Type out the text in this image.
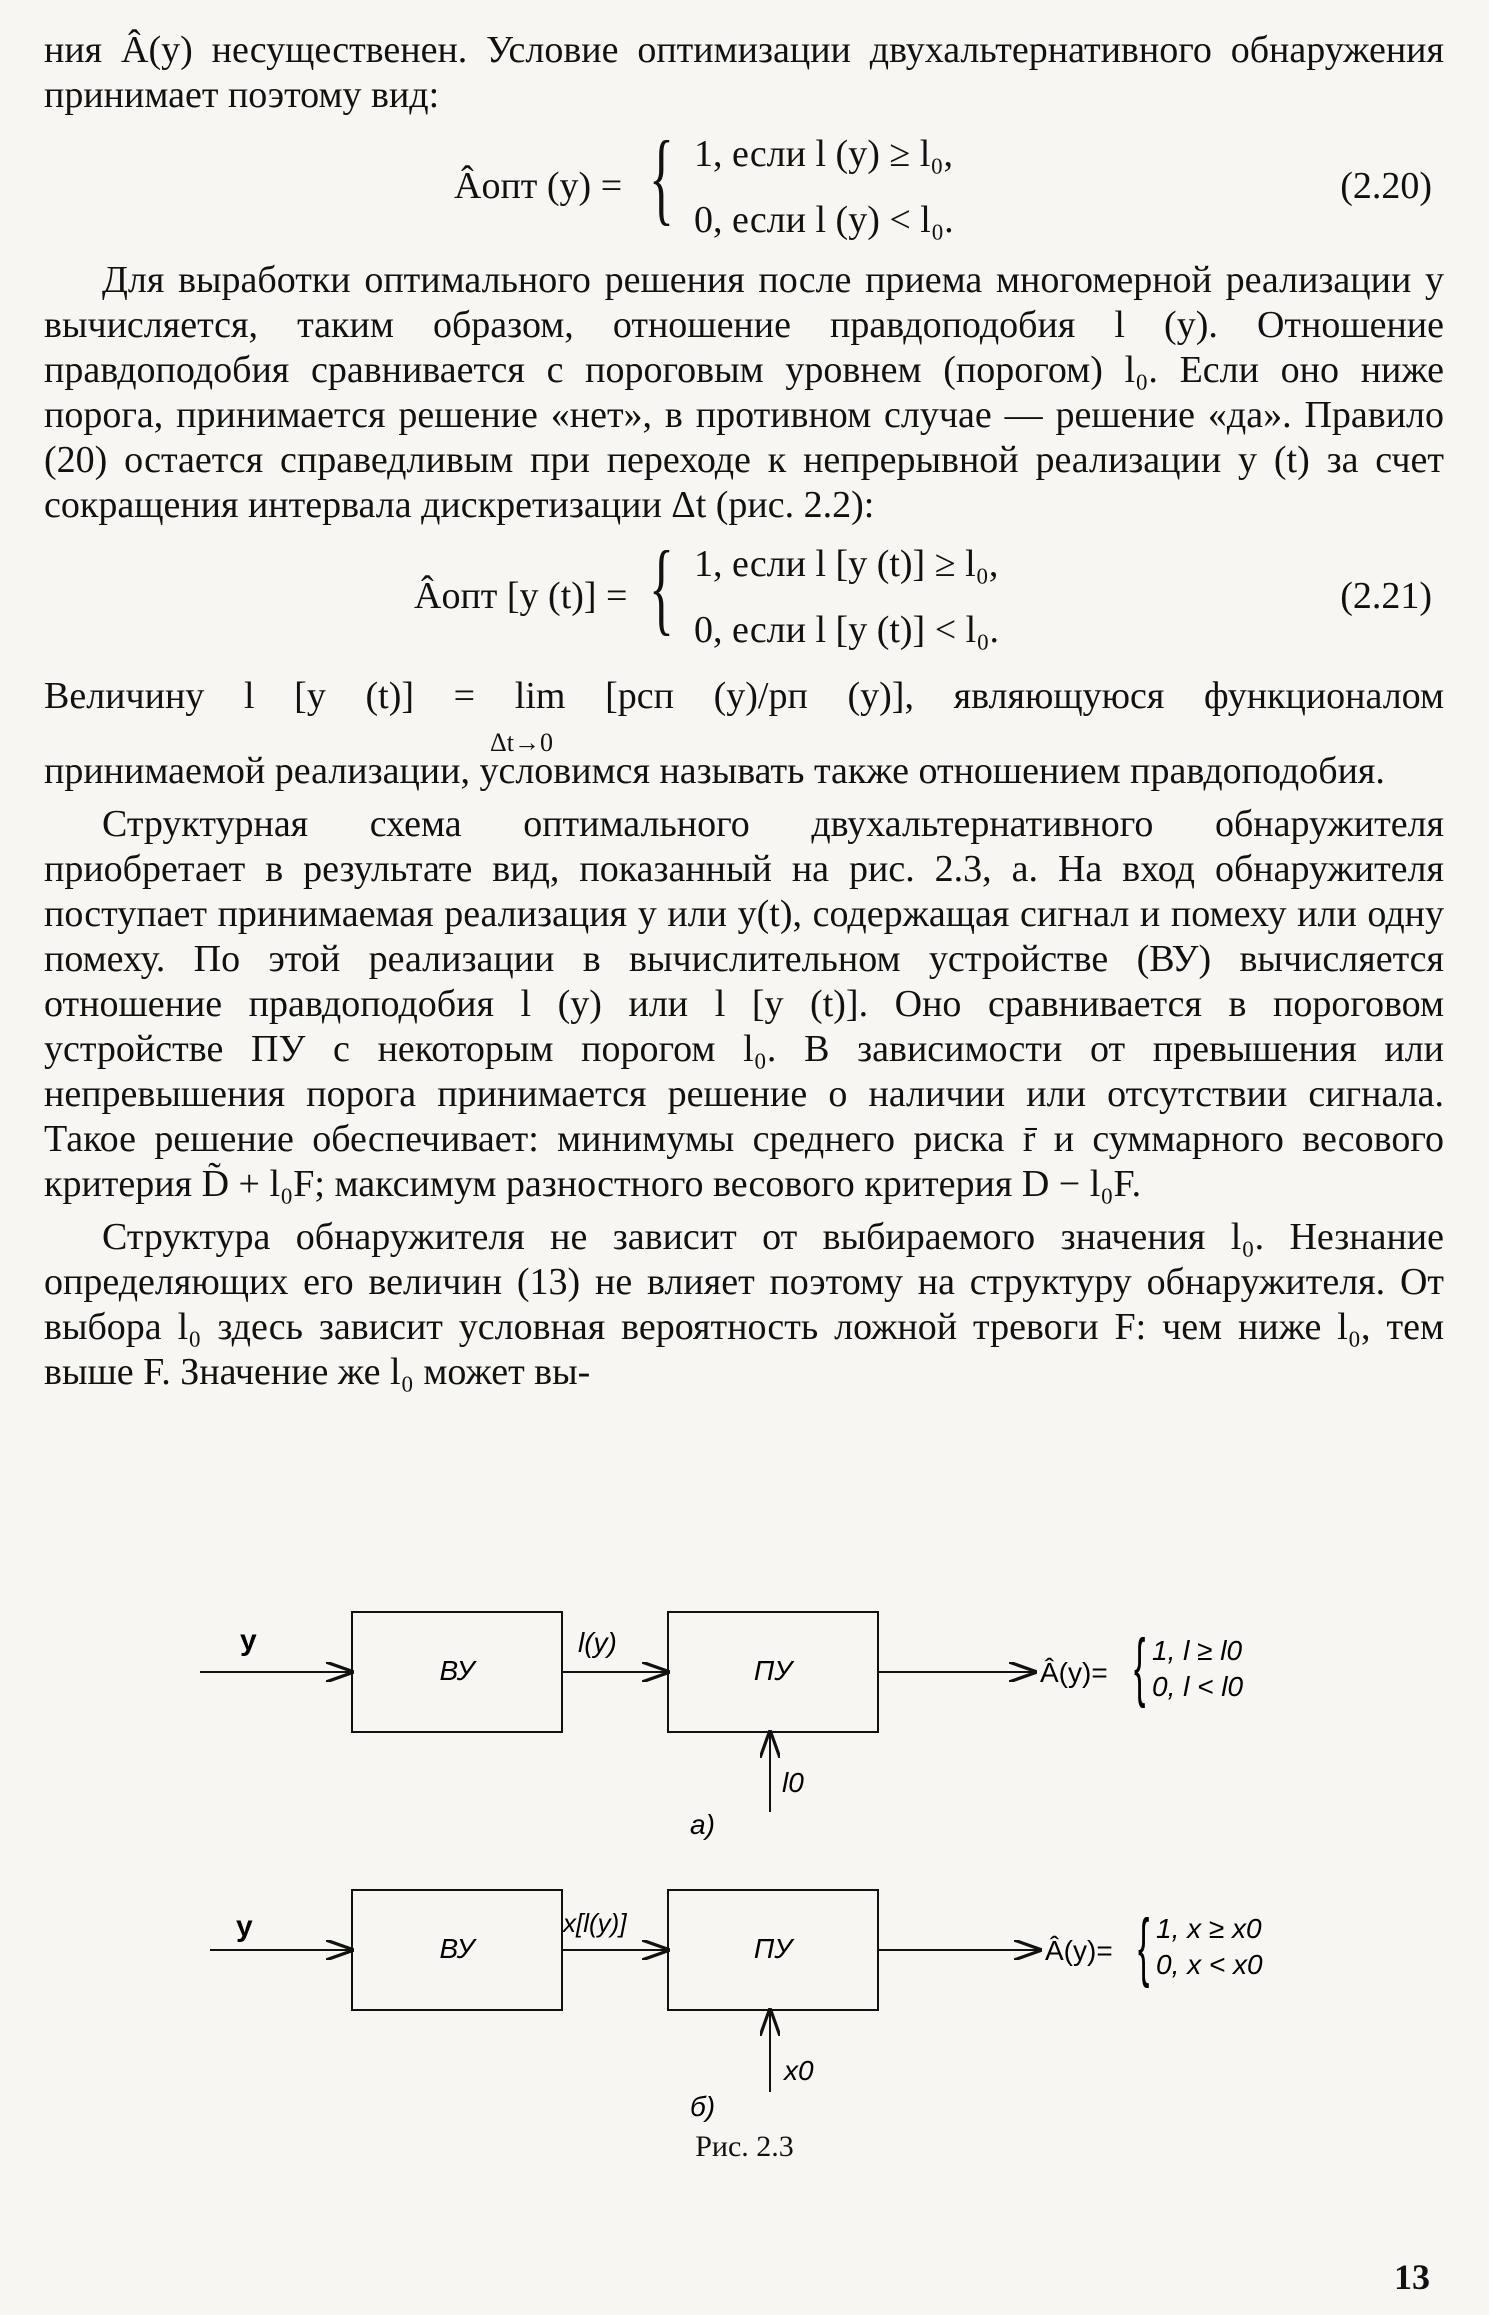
ния Â(y) несущественен. Условие оптимизации двухальтернативного обнаружения принимает поэтому вид:

Âопт (y) = { 1, если l (y) ≥ l₀,
0, если l (y) < l₀.
(2.20)

Для выработки оптимального решения после приема многомерной реализации y вычисляется, таким образом, отношение правдоподобия l (y). Отношение правдоподобия сравнивается с пороговым уровнем (порогом) l₀. Если оно ниже порога, принимается решение «нет», в противном случае — решение «да». Правило (20) остается справедливым при переходе к непрерывной реализации y (t) за счет сокращения интервала дискретизации Δt (рис. 2.2):

Âопт [y (t)] = { 1, если l [y (t)] ≥ l₀,
0, если l [y (t)] < l₀.
(2.21)
Величину l [y (t)] = lim [pсп (y)/pп (y)], являющуюся функционалом
Δt→0

принимаемой реализации, условимся называть также отношением правдоподобия.

Структурная схема оптимального двухальтернативного обнаружителя приобретает в результате вид, показанный на рис. 2.3, а. На вход обнаружителя поступает принимаемая реализация y или y(t), содержащая сигнал и помеху или одну помеху. По этой реализации в вычислительном устройстве (ВУ) вычисляется отношение правдоподобия l (y) или l [y (t)]. Оно сравнивается в пороговом устройстве ПУ с некоторым порогом l₀. В зависимости от превышения или непревышения порога принимается решение о наличии или отсутствии сигнала. Такое решение обеспечивает: минимумы среднего риска r̄ и суммарного весового критерия D̃ + l₀F; максимум разностного весового критерия D − l₀F.

Структура обнаружителя не зависит от выбираемого значения l₀. Незнание определяющих его величин (13) не влияет поэтому на структуру обнаружителя. От выбора l₀ здесь зависит условная вероятность ложной тревоги F: чем ниже l₀, тем выше F. Значение же l₀ может вы-

y
ВУ
l(y)
ПУ
l0
Â(y)= { 1, l ≥ l0
0, l < l0
а)
y
ВУ
x[l(y)]
ПУ
x0
Â(y)= { 1, x ≥ x0
0, x < x0
б)
Рис. 2.3
13
